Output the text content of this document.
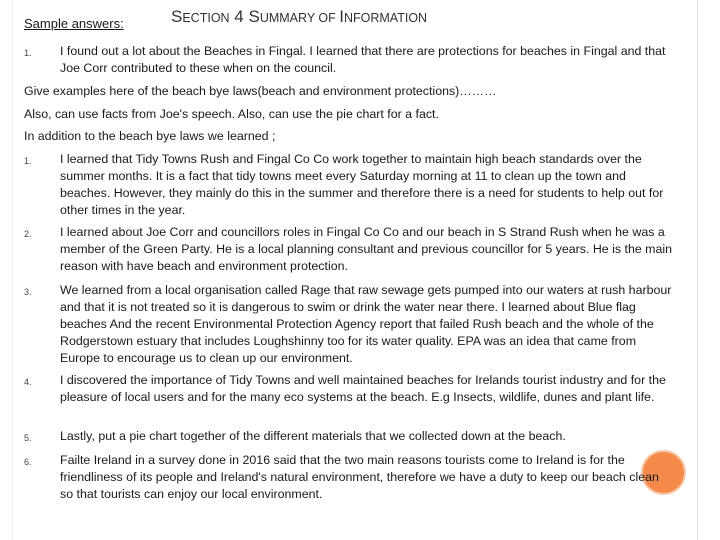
Sample answers:	SECTION 4 SUMMARY OF INFORMATION
1. I found out a lot about the Beaches in Fingal. I learned that there are protections for beaches in Fingal and that Joe Corr contributed to these when on the council.
Give examples here of the beach bye laws(beach and environment protections)………
Also, can use facts from Joe's speech. Also, can use the pie chart for a fact.
In addition to the beach bye laws we learned ;
1. I learned that Tidy Towns Rush and Fingal Co Co work together to maintain high beach standards over the summer months. It is a fact that tidy towns meet every Saturday morning at 11 to clean up the town and beaches. However, they mainly do this in the summer and therefore there is a need for students to help out for other times in the year.
2. I learned about Joe Corr and councillors roles in Fingal Co Co and our beach in S Strand Rush when he was a member of the Green Party. He is a local planning consultant and previous councillor for 5 years. He is the main reason with have beach and environment protection.
3. We learned from a local organisation called Rage that raw sewage gets pumped into our waters at rush harbour and that it is not treated so it is dangerous to swim or drink the water near there. I learned about Blue flag beaches And the recent Environmental Protection Agency report that failed Rush beach and the whole of the Rodgerstown estuary that includes Loughshinny too for its water quality. EPA was an idea that came from Europe to encourage us to clean up our environment.
4. I discovered the importance of Tidy Towns and well maintained beaches for Irelands tourist industry and for the pleasure of local users and for the many eco systems at the beach. E.g Insects, wildlife, dunes and plant life.
5. Lastly, put a pie chart together of the different materials that we collected down at the beach.
6. Failte Ireland in a survey done in 2016 said that the two main reasons tourists come to Ireland is for the friendliness of its people and Ireland's natural environment, therefore we have a duty to keep our beach clean so that tourists can enjoy our local environment.
